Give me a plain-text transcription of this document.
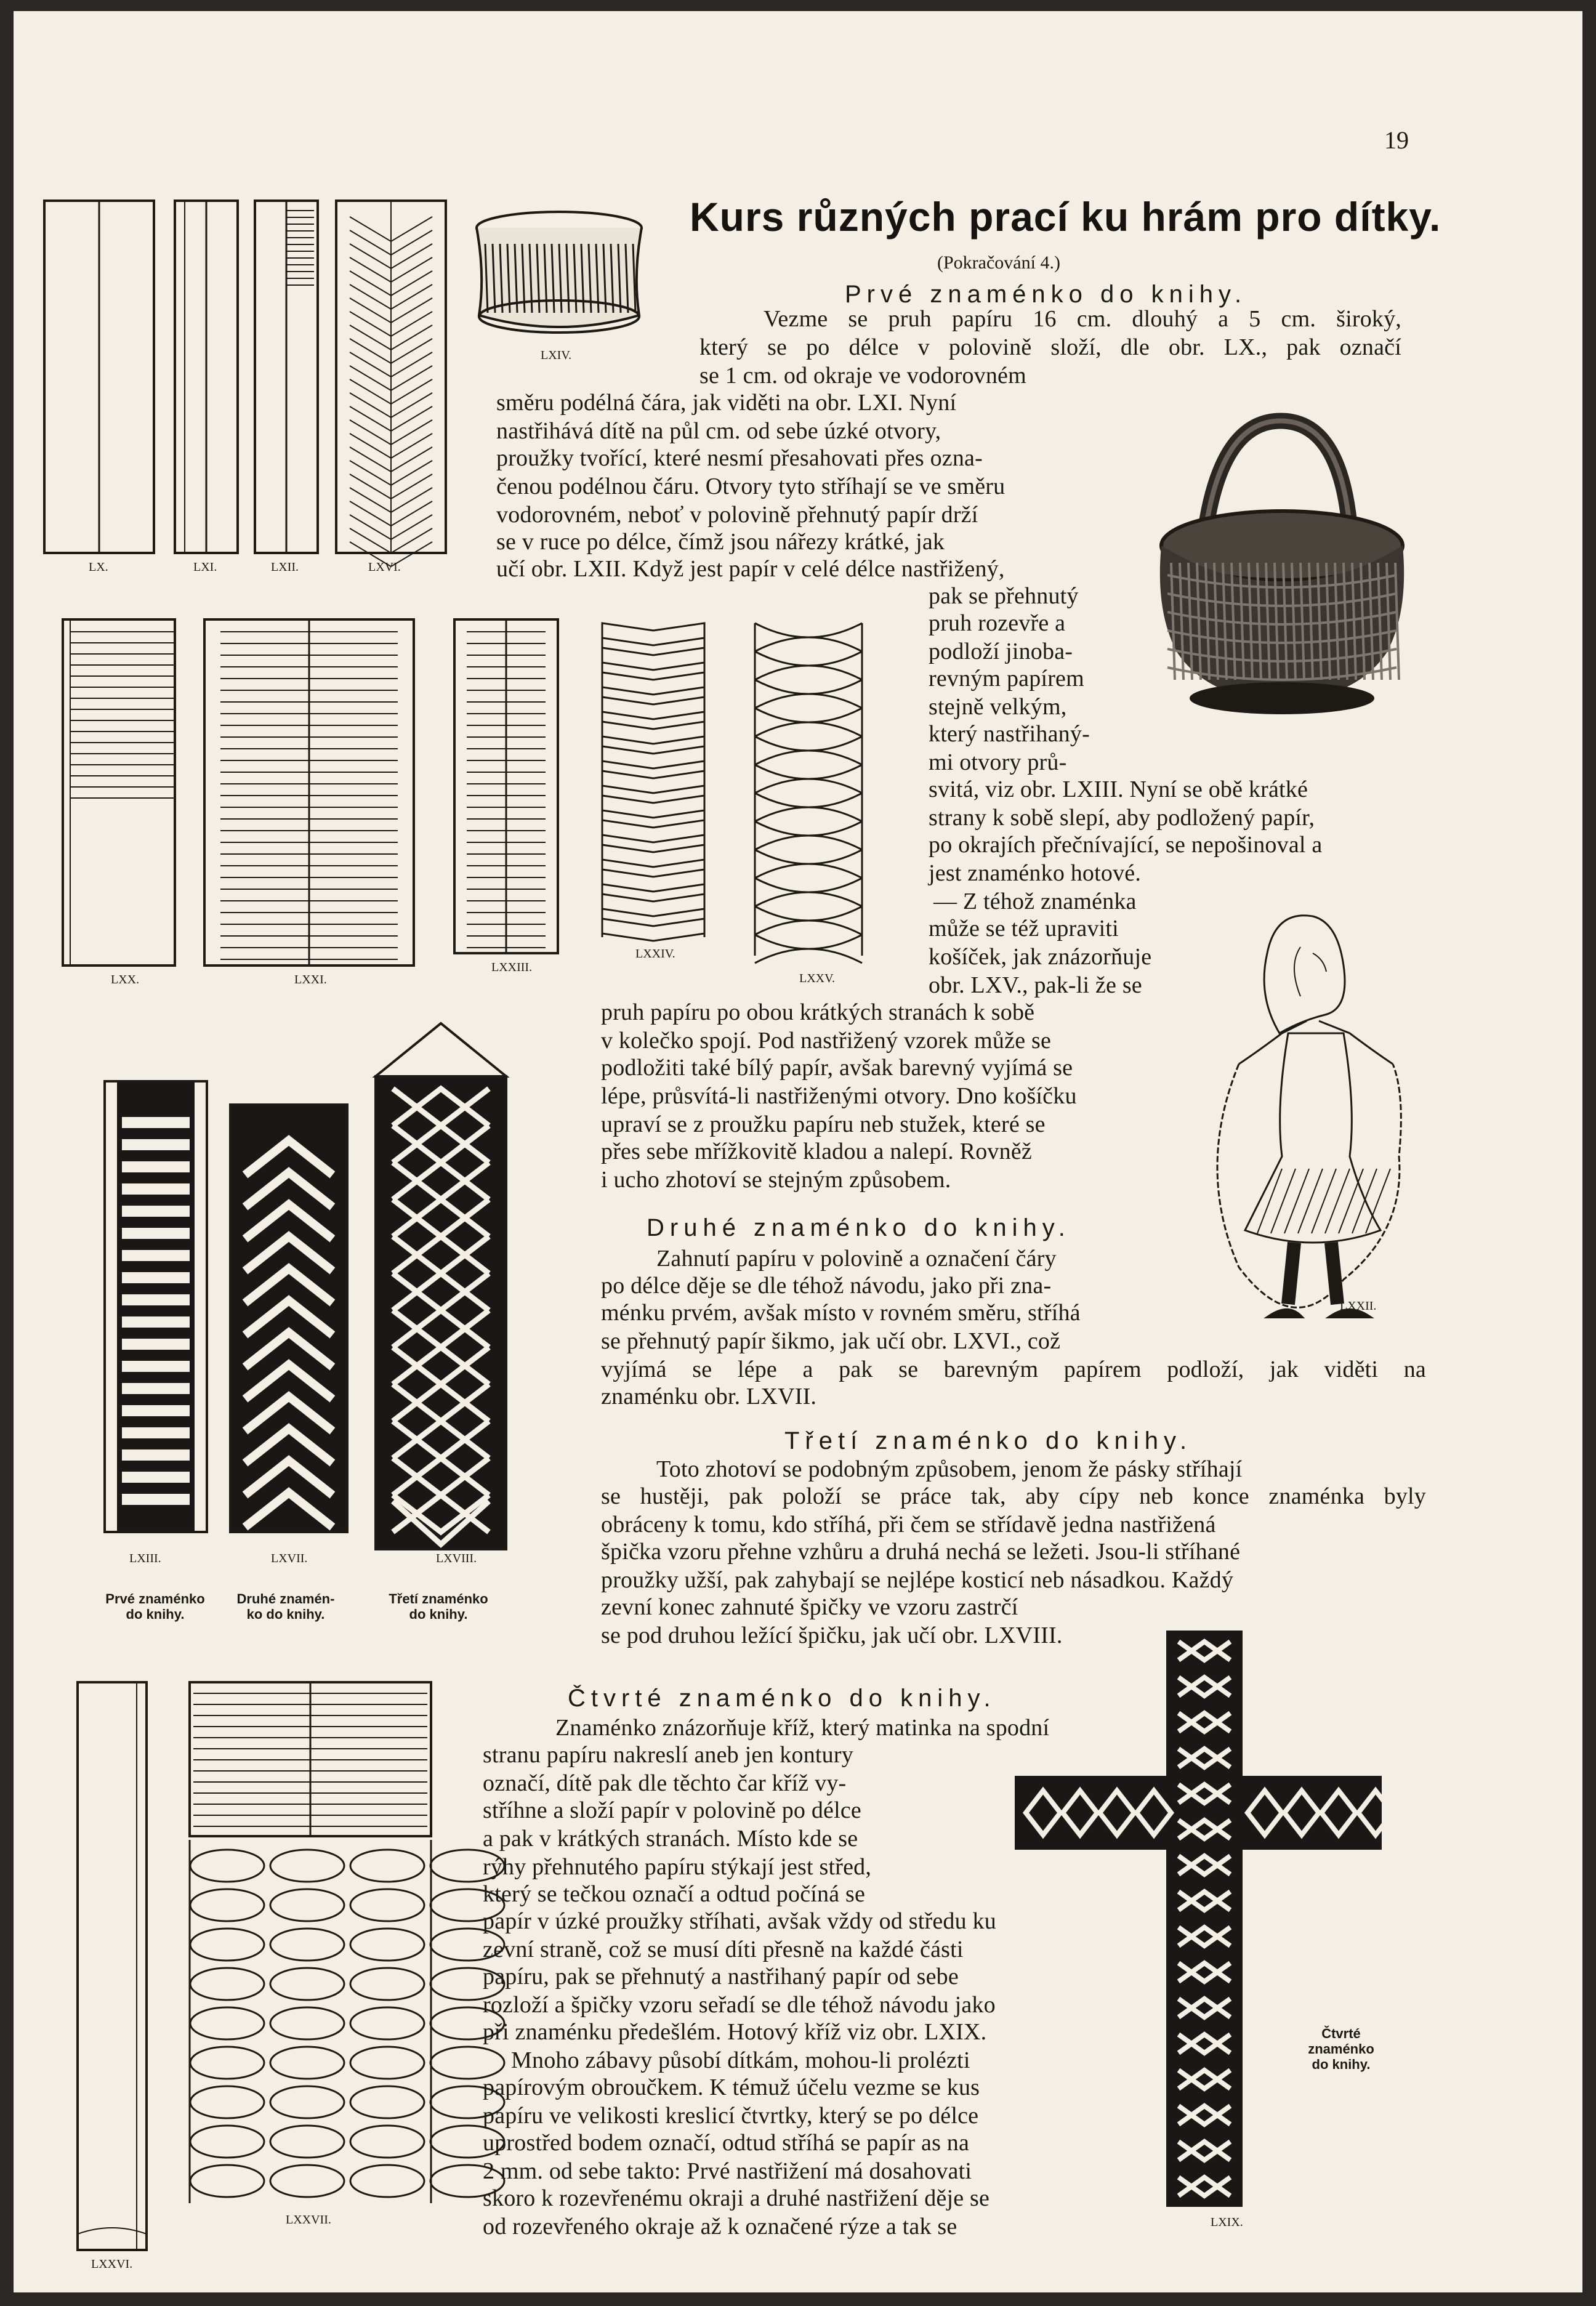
19
Kurs různých prací ku hrám pro dítky.
(Pokračování 4.)
Prvé znaménko do knihy.
Druhé znaménko do knihy.
Třetí znaménko do knihy.
Čtvrté znaménko do knihy.
Vezme se pruh papíru 16 cm. dlouhý a 5 cm. široký,
který se po délce v polovině složí, dle obr. LX., pak označí
se 1 cm. od okraje ve vodorovném
směru podélná čára, jak viděti na obr. LXI. Nyní
nastřihává dítě na půl cm. od sebe úzké otvory,
proužky tvořící, které nesmí přesahovati přes ozna-
čenou podélnou čáru. Otvory tyto stříhají se ve směru
vodorovném, neboť v polovině přehnutý papír drží
se v ruce po délce, čímž jsou nářezy krátké, jak
učí obr. LXII. Když jest papír v celé délce nastřižený,
pak se přehnutý
pruh rozevře a
podloží jinoba-
revným papírem
stejně velkým,
který nastřihaný-
mi otvory prů-
svitá, viz obr. LXIII. Nyní se obě krátké
strany k sobě slepí, aby podložený papír,
po okrajích přečnívající, se nepošinoval a
jest znaménko hotové.
— Z téhož znaménka
může se též upraviti
košíček, jak znázorňuje
obr. LXV., pak-li že se
pruh papíru po obou krátkých stranách k sobě
v kolečko spojí. Pod nastřižený vzorek může se
podložiti také bílý papír, avšak barevný vyjímá se
lépe, průsvítá-li nastřiženými otvory. Dno košíčku
upraví se z proužku papíru neb stužek, které se
přes sebe mřížkovitě kladou a nalepí. Rovněž
i ucho zhotoví se stejným způsobem.
Zahnutí papíru v polovině a označení čáry
po délce děje se dle téhož návodu, jako při zna-
ménku prvém, avšak místo v rovném směru, stříhá
se přehnutý papír šikmo, jak učí obr. LXVI., což
vyjímá se lépe a pak se barevným papírem podloží, jak viděti na
znaménku obr. LXVII.
Toto zhotoví se podobným způsobem, jenom že pásky stříhají
se hustěji, pak položí se práce tak, aby cípy neb konce znaménka byly
obráceny k tomu, kdo stříhá, při čem se střídavě jedna nastřižená
špička vzoru přehne vzhůru a druhá nechá se ležeti. Jsou-li stříhané
proužky užší, pak zahybají se nejlépe kosticí neb násadkou. Každý
zevní konec zahnuté špičky ve vzoru zastrčí
se pod druhou ležící špičku, jak učí obr. LXVIII.
Znaménko znázorňuje kříž, který matinka na spodní
stranu papíru nakreslí aneb jen kontury
označí, dítě pak dle těchto čar kříž vy-
stříhne a složí papír v polovině po délce
a pak v krátkých stranách. Místo kde se
rýhy přehnutého papíru stýkají jest střed,
který se tečkou označí a odtud počíná se
papír v úzké proužky stříhati, avšak vždy od středu ku
zevní straně, což se musí díti přesně na každé části
papíru, pak se přehnutý a nastřihaný papír od sebe
rozloží a špičky vzoru seřadí se dle téhož návodu jako
při znaménku předešlém. Hotový kříž viz obr. LXIX.
Mnoho zábavy působí dítkám, mohou-li prolézti
papírovým obroučkem. K témuž účelu vezme se kus
papíru ve velikosti kreslicí čtvrtky, který se po délce
uprostřed bodem označí, odtud stříhá se papír as na
2 mm. od sebe takto: Prvé nastřižení má dosahovati
skoro k rozevřenému okraji a druhé nastřižení děje se
od rozevřeného okraje až k označené rýze a tak se
LX.	LXI.	LXII.	LXVI.
LXIV.
LXX.	LXXI.
LXXIII.
LXXIV.
LXXV.
LXIII.
Prvé znaménko
do knihy.
LXVII.
Druhé znamén-
ko do knihy.
LXVIII.
Třetí znaménko
do knihy.
LXXII.
LXXVI.
LXXVII.	LXIX.
Čtvrté
znaménko
do knihy.
